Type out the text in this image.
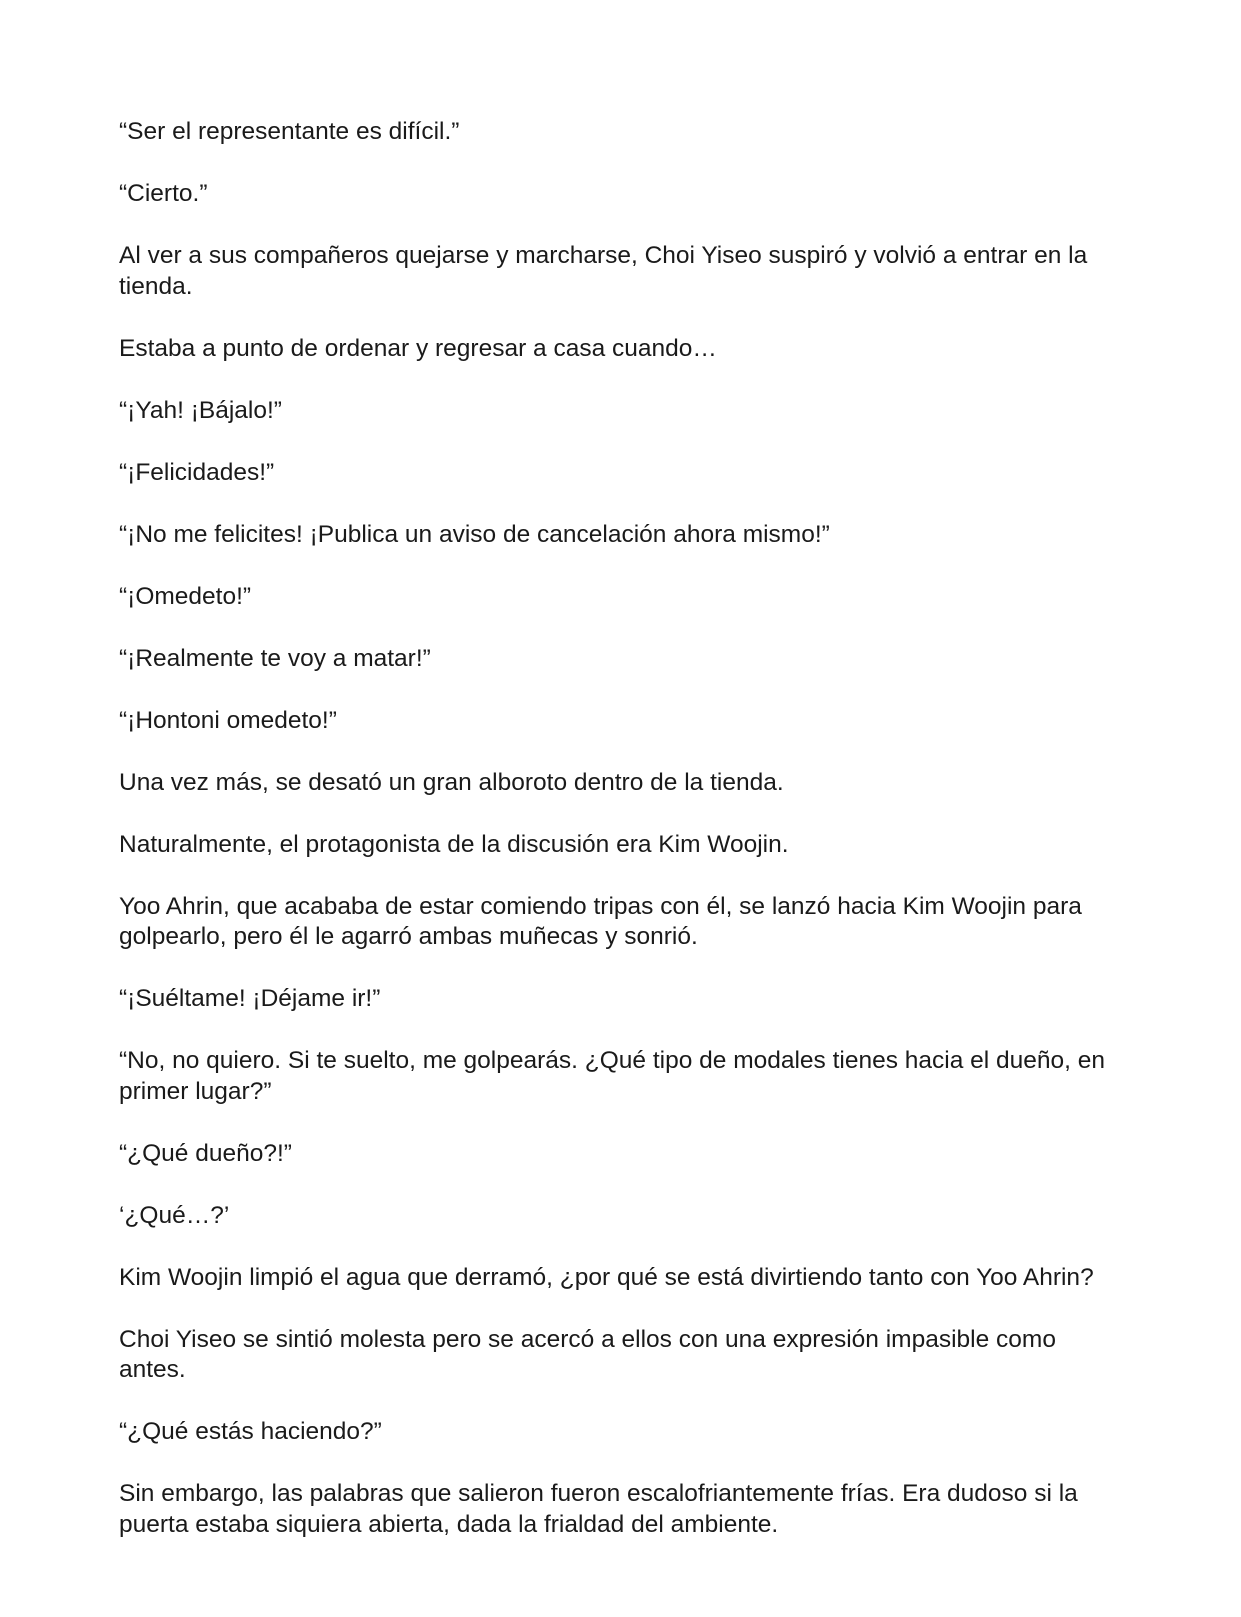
“Ser el representante es difícil.”

“Cierto.”

Al ver a sus compañeros quejarse y marcharse, Choi Yiseo suspiró y volvió a entrar en la tienda.

Estaba a punto de ordenar y regresar a casa cuando…

“¡Yah! ¡Bájalo!”

“¡Felicidades!”

“¡No me felicites! ¡Publica un aviso de cancelación ahora mismo!”

“¡Omedeto!”

“¡Realmente te voy a matar!”

“¡Hontoni omedeto!”

Una vez más, se desató un gran alboroto dentro de la tienda.

Naturalmente, el protagonista de la discusión era Kim Woojin.

Yoo Ahrin, que acababa de estar comiendo tripas con él, se lanzó hacia Kim Woojin para golpearlo, pero él le agarró ambas muñecas y sonrió.

“¡Suéltame! ¡Déjame ir!”

“No, no quiero. Si te suelto, me golpearás. ¿Qué tipo de modales tienes hacia el dueño, en primer lugar?”

“¿Qué dueño?!”

‘¿Qué…?’

Kim Woojin limpió el agua que derramó, ¿por qué se está divirtiendo tanto con Yoo Ahrin?

Choi Yiseo se sintió molesta pero se acercó a ellos con una expresión impasible como antes.

“¿Qué estás haciendo?”

Sin embargo, las palabras que salieron fueron escalofriantemente frías. Era dudoso si la puerta estaba siquiera abierta, dada la frialdad del ambiente.
